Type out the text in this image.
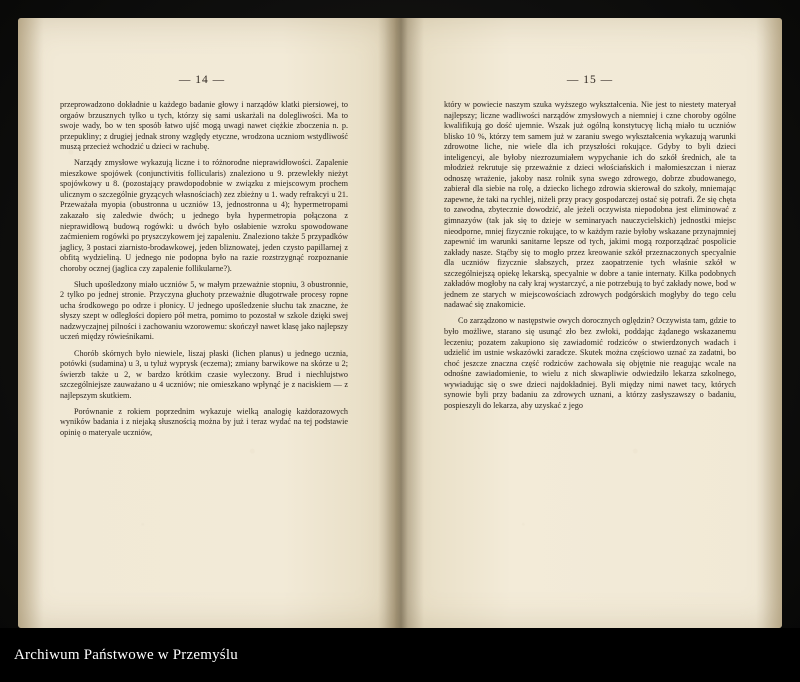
— 14 —

przeprowadzono dokładnie u każdego badanie głowy i narządów klatki piersiowej, to orgaów brzusznych tylko u tych, którzy się sami uskarżali na dolegliwości. Ma to swoje wady, bo w ten sposób łatwo ujść mogą uwagi nawet ciężkie zboczenia n. p. przepukliny; z drugiej jednak strony względy etyczne, wrodzona uczniom wstydliwość muszą przecież wchodzić u dzieci w rachubę.

Narządy zmysłowe wykazują liczne i to różnorodne nieprawidłowości. Zapalenie mieszkowe spojówek (conjunctivitis follicularis) znaleziono u 9. przewlekły nieżyt spojówkowy u 8. (pozostający prawdopodobnie w związku z miejscowym prochem ulicznym o szczególnie gryzących własnościach) zez zbieżny u 1. wady refrakcyi u 21. Przeważała myopia (obustronna u uczniów 13, jednostronna u 4); hypermetropami zakazało się zaledwie dwóch; u jednego była hypermetropia połączona z nieprawidłową budową rogówki: u dwóch było osłabienie wzroku spowodowane zaćmieniem rogówki po pryszczykowem jej zapaleniu. Znaleziono także 5 przypadków jaglicy, 3 postaci ziarnisto-brodawkowej, jeden bliznowatej, jeden czysto papillarnej z obfitą wydzieliną. U jednego nie podopna było na razie rozstrzygnąć rozpoznanie choroby ocznej (jaglica czy zapalenie follikularne?).

Słuch upośledzony miało uczniów 5, w małym przeważnie stopniu, 3 obustronnie, 2 tylko po jednej stronie. Przyczyna głuchoty przeważnie długotrwałe procesy ropne ucha środkowego po odrze i płonicy. U jednego upośledzenie słuchu tak znaczne, że słyszy szept w odległości dopiero pół metra, pomimo to pozostał w szkole dzięki swej nadzwyczajnej pilności i zachowaniu wzorowemu: skończył nawet klasę jako najlepszy uczeń między rówieśnikami.

Chorób skórnych było niewiele, liszaj płaski (lichen planus) u jednego ucznia, potówki (sudamina) u 3, u tyluż wyprysk (eczema); zmiany barwikowe na skórze u 2; świerzb także u 2, w bardzo krótkim czasie wyleczony. Brud i niechlujstwo szczególniejsze zauważano u 4 uczniów; nie omieszkano wpłynąć je z naciskiem — z najlepszym skutkiem.

Porównanie z rokiem poprzednim wykazuje wielką analogię każdorazowych wyników badania i z niejaką słusznością można by już i teraz wydać na tej podstawie opinię o materyale uczniów,

— 15 —

który w powiecie naszym szuka wyższego wykształcenia. Nie jest to niestety materyał najlepszy; liczne wadliwości narządów zmysłowych a niemniej i czne choroby ogólne kwalifikują go dość ujemnie. Wszak już ogólną konstytucyę lichą miało tu uczniów blisko 10 %, którzy tem samem już w zaraniu swego wykształcenia wykazują warunki zdrowotne liche, nie wiele dla ich przyszłości rokujące. Gdyby to byli dzieci inteligencyi, ale byłoby niezrozumiałem wypychanie ich do szkół średnich, ale ta młodzież rekrutuje się przeważnie z dzieci włościańskich i małomieszczan i nieraz odnoszę wrażenie, jakoby nasz rolnik syna swego zdrowego, dobrze zbudowanego, zabierał dla siebie na rolę, a dziecko lichego zdrowia skierował do szkoły, mniemając zapewne, że taki na rychlej, niżeli przy pracy gospodarczej ostać się potrafi. Że się chęta to zawodna, zbytecznie dowodzić, ale jeżeli oczywista niepodobna jest eliminować z gimnazyów (tak jak się to dzieje w seminaryach nauczycielskich) jednostki miejsc nieodporne, mniej fizycznie rokujące, to w każdym razie byłoby wskazane przynajmniej zapewnić im warunki sanitarne lepsze od tych, jakimi mogą rozporządzać pospolicie zakłady nasze. Stąćby się to mogło przez kreowanie szkół przeznaczonych specyalnie dla uczniów fizycznie słabszych, przez zaopatrzenie tych właśnie szkół w szczególniejszą opiekę lekarską, specyalnie w dobre a tanie internaty. Kilka podobnych zakładów mogłoby na cały kraj wystarczyć, a nie potrzebują to być zakłady nowe, bod w jednem ze starych w miejscowościach zdrowych podgórskich mogłyby do tego celu nadawać się znakomicie.

Co zarządzono w następstwie owych dorocznych oględzin? Oczywista tam, gdzie to było możliwe, starano się usunąć zło bez zwłoki, poddając żądanego wskazanemu leczeniu; pozatem zakupiono się zawiadomić rodziców o stwierdzonych wadach i udzielić im ustnie wskazówki zaradcze. Skutek można częściowo uznać za zadatni, bo choć jeszcze znaczna część rodziców zachowała się objętnie nie reagując wcale na odnośne zawiadomienie, to wielu z nich skwapliwie odwiedziło lekarza szkolnego, wywiadując się o swe dzieci najdokładniej. Byli między nimi nawet tacy, których synowie byli przy badaniu za zdrowych uznani, a którzy zasłyszawszy o badaniu, pospieszyli do lekarza, aby uzyskać z jego

Archiwum Państwowe w Przemyślu
